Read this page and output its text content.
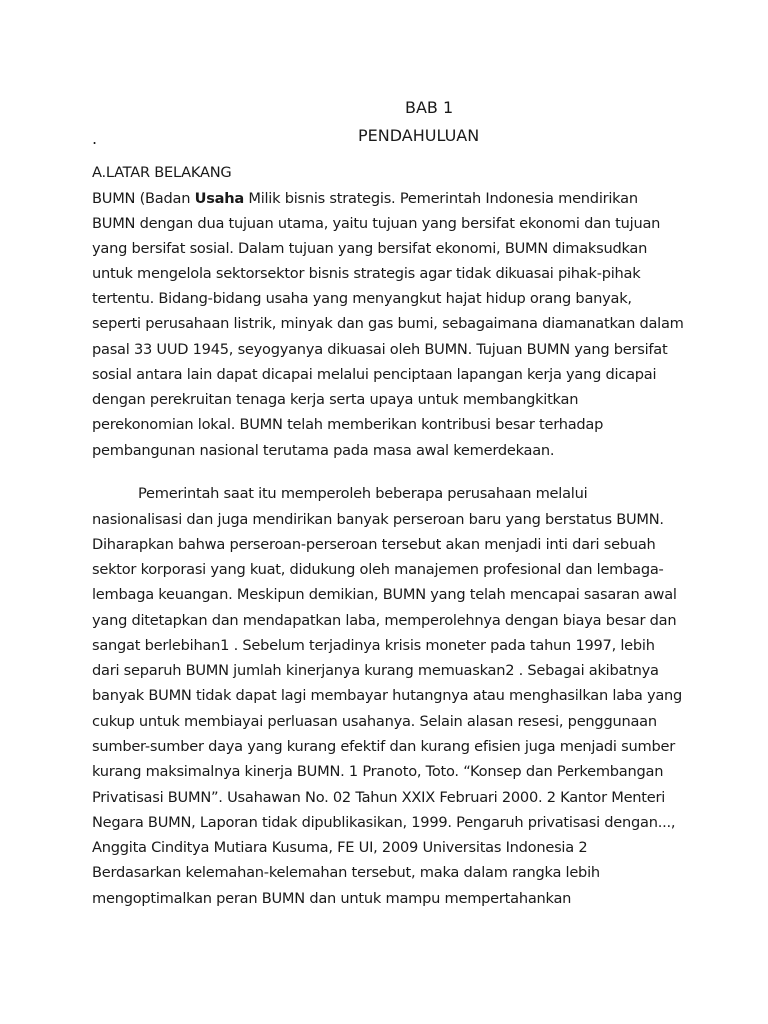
BAB 1
.	PENDAHULUAN
A.LATAR BELAKANG
BUMN (Badan Usaha Milik bisnis strategis. Pemerintah Indonesia mendirikan
BUMN dengan dua tujuan utama, yaitu tujuan yang bersifat ekonomi dan tujuan
yang bersifat sosial. Dalam tujuan yang bersifat ekonomi, BUMN dimaksudkan
untuk mengelola sektorsektor bisnis strategis agar tidak dikuasai pihak-pihak
tertentu. Bidang-bidang usaha yang menyangkut hajat hidup orang banyak,
seperti perusahaan listrik, minyak dan gas bumi, sebagaimana diamanatkan dalam
pasal 33 UUD 1945, seyogyanya dikuasai oleh BUMN. Tujuan BUMN yang bersifat
sosial antara lain dapat dicapai melalui penciptaan lapangan kerja yang dicapai
dengan perekruitan tenaga kerja serta upaya untuk membangkitkan
perekonomian lokal. BUMN telah memberikan kontribusi besar terhadap
pembangunan nasional terutama pada masa awal kemerdekaan.
Pemerintah saat itu memperoleh beberapa perusahaan melalui
nasionalisasi dan juga mendirikan banyak perseroan baru yang berstatus BUMN.
Diharapkan bahwa perseroan-perseroan tersebut akan menjadi inti dari sebuah
sektor korporasi yang kuat, didukung oleh manajemen profesional dan lembaga-
lembaga keuangan. Meskipun demikian, BUMN yang telah mencapai sasaran awal
yang ditetapkan dan mendapatkan laba, memperolehnya dengan biaya besar dan
sangat berlebihan1 . Sebelum terjadinya krisis moneter pada tahun 1997, lebih
dari separuh BUMN jumlah kinerjanya kurang memuaskan2 . Sebagai akibatnya
banyak BUMN tidak dapat lagi membayar hutangnya atau menghasilkan laba yang
cukup untuk membiayai perluasan usahanya. Selain alasan resesi, penggunaan
sumber-sumber daya yang kurang efektif dan kurang efisien juga menjadi sumber
kurang maksimalnya kinerja BUMN. 1 Pranoto, Toto. “Konsep dan Perkembangan
Privatisasi BUMN”. Usahawan No. 02 Tahun XXIX Februari 2000. 2 Kantor Menteri
Negara BUMN, Laporan tidak dipublikasikan, 1999. Pengaruh privatisasi dengan...,
Anggita Cinditya Mutiara Kusuma, FE UI, 2009 Universitas Indonesia 2
Berdasarkan kelemahan-kelemahan tersebut, maka dalam rangka lebih
mengoptimalkan peran BUMN dan untuk mampu mempertahankan
